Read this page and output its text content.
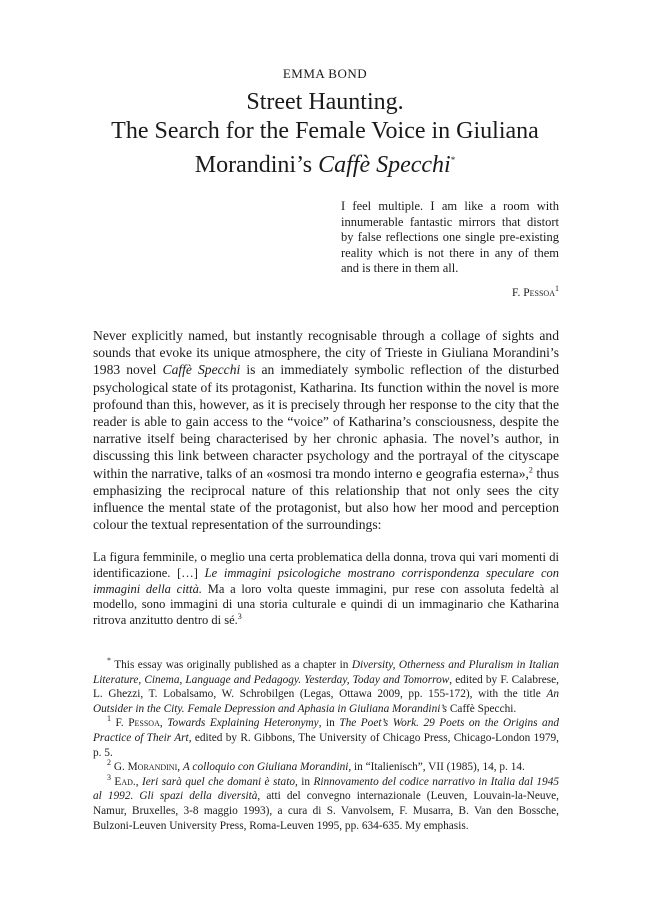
EMMA BOND
Street Haunting.
The Search for the Female Voice in Giuliana
Morandini’s Caffè Specchi*

I feel multiple. I am like a room with innumerable fantastic mirrors that distort by false reflections one single pre-existing reality which is not there in any of them and is there in them all.

F. Pessoa$^1$

Never explicitly named, but instantly recognisable through a collage of sights and sounds that evoke its unique atmosphere, the city of Trieste in Giuliana Morandini’s 1983 novel Caffè Specchi is an immediately symbolic reflection of the disturbed psychological state of its protagonist, Katharina. Its function within the novel is more profound than this, however, as it is precisely through her response to the city that the reader is able to gain access to the “voice” of Katharina’s consciousness, despite the narrative itself being characterised by her chronic aphasia. The novel’s author, in discussing this link between character psychology and the portrayal of the cityscape within the narrative, talks of an «osmosi tra mondo interno e geografia esterna»,$^2$ thus emphasizing the reciprocal nature of this relationship that not only sees the city influence the mental state of the protagonist, but also how her mood and perception colour the textual representation of the surroundings:

La figura femminile, o meglio una certa problematica della donna, trova qui vari momenti di identificazione. […] Le immagini psicologiche mostrano corrispondenza speculare con immagini della città. Ma a loro volta queste immagini, pur rese con assoluta fedeltà al modello, sono immagini di una storia culturale e quindi di un immaginario che Katharina ritrova anzitutto dentro di sé.$^3$

* This essay was originally published as a chapter in Diversity, Otherness and Pluralism in Italian Literature, Cinema, Language and Pedagogy. Yesterday, Today and Tomorrow, edited by F. Calabrese, L. Ghezzi, T. Lobalsamo, W. Schrobilgen (Legas, Ottawa 2009, pp. 155-172), with the title An Outsider in the City. Female Depression and Aphasia in Giuliana Morandini’s Caffè Specchi.

$^1$ F. Pessoa, Towards Explaining Heteronymy, in The Poet’s Work. 29 Poets on the Origins and Practice of Their Art, edited by R. Gibbons, The University of Chicago Press, Chicago-London 1979, p. 5.

$^2$ G. Morandini, A colloquio con Giuliana Morandini, in “Italienisch”, VII (1985), 14, p. 14.

$^3$ Ead., Ieri sarà quel che domani è stato, in Rinnovamento del codice narrativo in Italia dal 1945 al 1992. Gli spazi della diversità, atti del convegno internazionale (Leuven, Louvain-la-Neuve, Namur, Bruxelles, 3-8 maggio 1993), a cura di S. Vanvolsem, F. Musarra, B. Van den Bossche, Bulzoni-Leuven University Press, Roma-Leuven 1995, pp. 634-635. My emphasis.
